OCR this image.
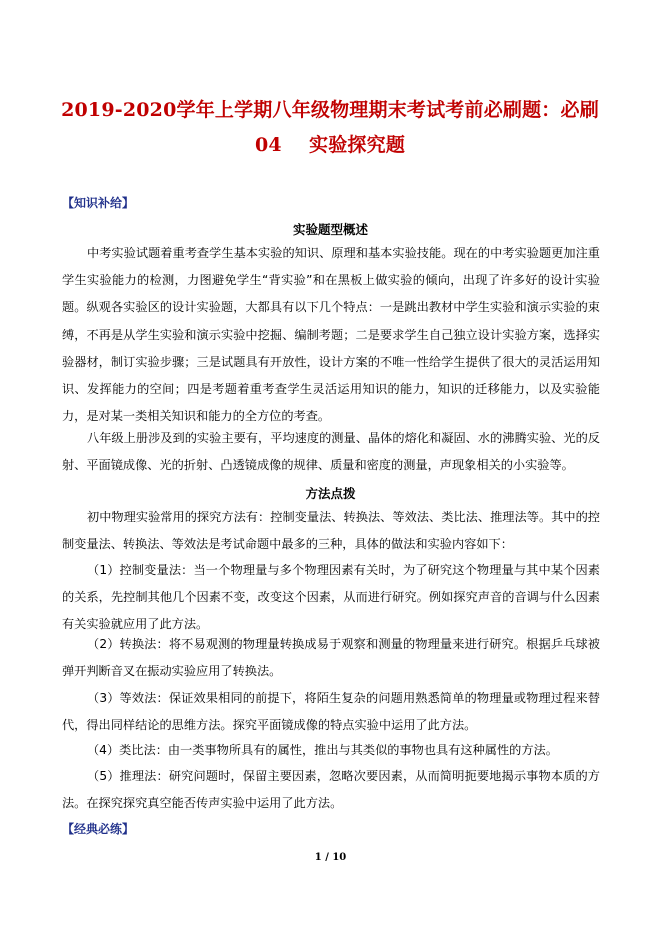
2019-2020学年上学期八年级物理期末考试考前必刷题：必刷
04    实验探究题
【知识补给】
实验题型概述

中考实验试题着重考查学生基本实验的知识、原理和基本实验技能。现在的中考实验题更加注重学生实验能力的检测，力图避免学生“背实验”和在黑板上做实验的倾向，出现了许多好的设计实验题。纵观各实验区的设计实验题，大都具有以下几个特点：一是跳出教材中学生实验和演示实验的束缚，不再是从学生实验和演示实验中挖掘、编制考题；二是要求学生自己独立设计实验方案，选择实验器材，制订实验步骤；三是试题具有开放性，设计方案的不唯一性给学生提供了很大的灵活运用知识、发挥能力的空间；四是考题着重考查学生灵活运用知识的能力，知识的迁移能力，以及实验能力，是对某一类相关知识和能力的全方位的考查。

八年级上册涉及到的实验主要有，平均速度的测量、晶体的熔化和凝固、水的沸腾实验、光的反射、平面镜成像、光的折射、凸透镜成像的规律、质量和密度的测量，声现象相关的小实验等。

方法点拨

初中物理实验常用的探究方法有：控制变量法、转换法、等效法、类比法、推理法等。其中的控制变量法、转换法、等效法是考试命题中最多的三种，具体的做法和实验内容如下：

（1）控制变量法：当一个物理量与多个物理因素有关时，为了研究这个物理量与其中某个因素的关系，先控制其他几个因素不变，改变这个因素，从而进行研究。例如探究声音的音调与什么因素有关实验就应用了此方法。

（2）转换法：将不易观测的物理量转换成易于观察和测量的物理量来进行研究。根据乒乓球被弹开判断音叉在振动实验应用了转换法。

（3）等效法：保证效果相同的前提下，将陌生复杂的问题用熟悉简单的物理量或物理过程来替代，得出同样结论的思维方法。探究平面镜成像的特点实验中运用了此方法。

（4）类比法：由一类事物所具有的属性，推出与其类似的事物也具有这种属性的方法。

（5）推理法：研究问题时，保留主要因素，忽略次要因素，从而简明扼要地揭示事物本质的方法。在探究探究真空能否传声实验中运用了此方法。

【经典必练】
1 / 10
